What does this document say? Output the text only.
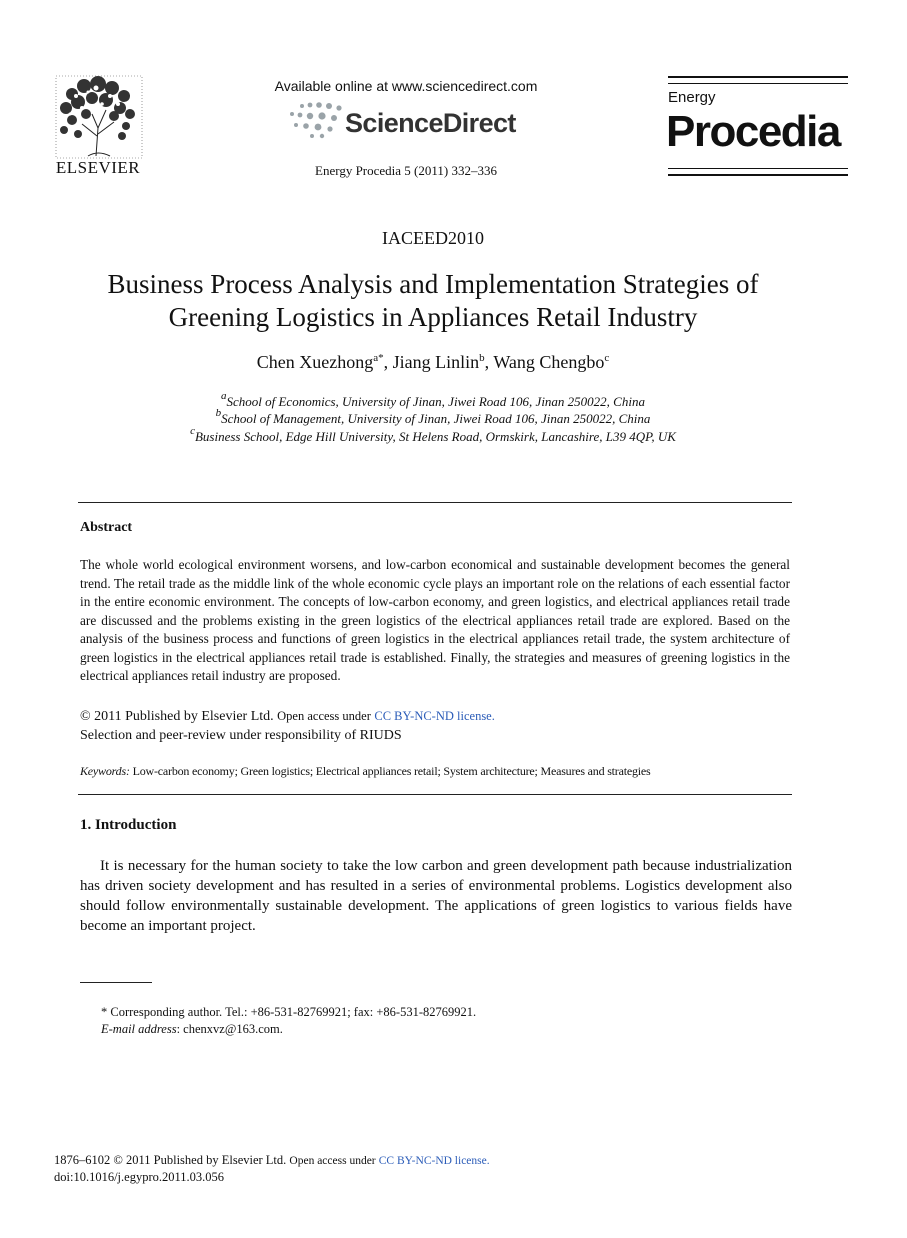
ELSEVIER
Available online at www.sciencedirect.com
ScienceDirect
Energy Procedia 5 (2011) 332–336
Energy
Procedia
IACEED2010
Business Process Analysis and Implementation Strategies of Greening Logistics in Appliances Retail Industry
Chen Xuezhong$^{a*}$, Jiang Linlin$^b$, Wang Chengbo$^c$
$^a$School of Economics, University of Jinan, Jiwei Road 106, Jinan 250022, China
$^b$School of Management, University of Jinan, Jiwei Road 106, Jinan 250022, China
$^c$Business School, Edge Hill University, St Helens Road, Ormskirk, Lancashire, L39 4QP, UK
Abstract
The whole world ecological environment worsens, and low-carbon economical and sustainable development becomes the general trend. The retail trade as the middle link of the whole economic cycle plays an important role on the relations of each essential factor in the entire economic environment. The concepts of low-carbon economy, and green logistics, and electrical appliances retail trade are discussed and the problems existing in the green logistics of the electrical appliances retail trade are explored. Based on the analysis of the business process and functions of green logistics in the electrical appliances retail trade, the system architecture of green logistics in the electrical appliances retail trade is established. Finally, the strategies and measures of greening logistics in the electrical appliances retail industry are proposed.
© 2011 Published by Elsevier Ltd. Open access under CC BY-NC-ND license.
Selection and peer-review under responsibility of RIUDS
Keywords: Low-carbon economy; Green logistics; Electrical appliances retail; System architecture; Measures and strategies
1. Introduction
It is necessary for the human society to take the low carbon and green development path because industrialization has driven society development and has resulted in a series of environmental problems. Logistics development also should follow environmentally sustainable development. The applications of green logistics to various fields have become an important project.
* Corresponding author. Tel.: +86-531-82769921; fax: +86-531-82769921.
E-mail address: chenxvz@163.com.
1876–6102 © 2011 Published by Elsevier Ltd. Open access under CC BY-NC-ND license.
doi:10.1016/j.egypro.2011.03.056
